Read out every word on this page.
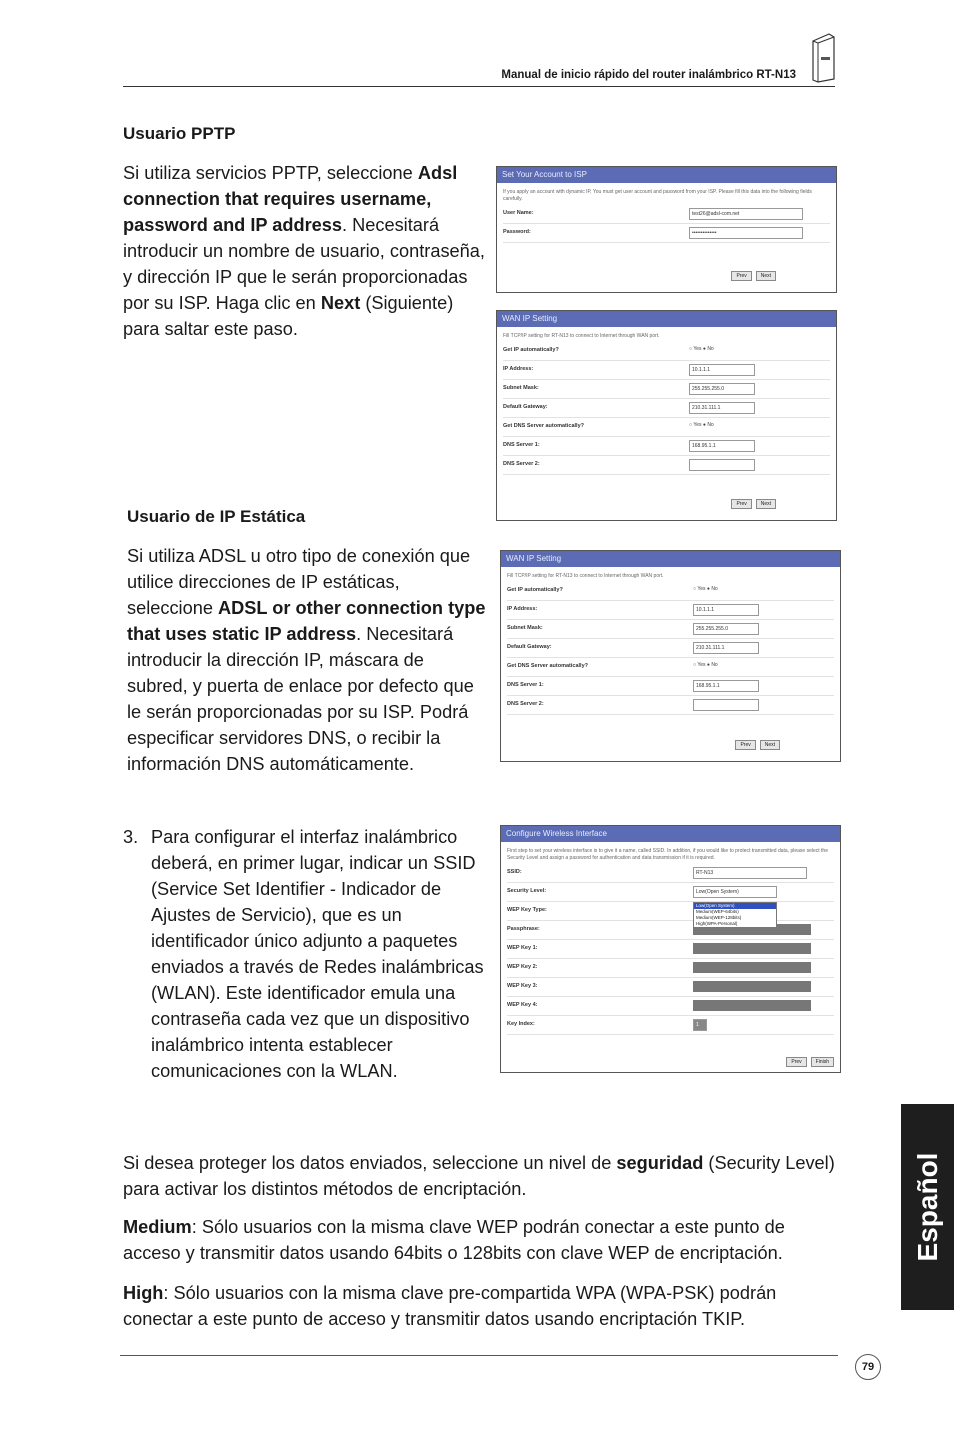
Manual de inicio rápido del router inalámbrico RT-N13
Usuario PPTP
Si utiliza servicios PPTP, seleccione Adsl connection that requires username, password and IP address. Necesitará introducir un nombre de usuario, contraseña, y dirección IP que le serán proporcionadas por su ISP. Haga clic en Next (Siguiente) para saltar este paso.
Set Your Account to ISP
If you apply an account with dynamic IP, You must get user account and password from your ISP. Please fill this data into the following fields carefully.
User Name:	test26@adsl-com.net
Password:	••••••••••••••
Prev	Next
WAN IP Setting
Fill TCP/IP setting for RT-N13 to connect to Internet through WAN port.
Get IP automatically?	○ Yes ● No
IP Address:	10.1.1.1
Subnet Mask:	255.255.255.0
Default Gateway:	210.31.111.1
Get DNS Server automatically?	○ Yes ● No
DNS Server 1:	168.95.1.1
DNS Server 2:
Prev	Next
Usuario de IP Estática
Si utiliza ADSL u otro tipo de conexión que utilice direcciones de IP estáticas, seleccione ADSL or other connection type that uses static IP address. Necesitará introducir la dirección IP, máscara de subred, y puerta de enlace por defecto que le serán proporcionadas por su ISP. Podrá especificar servidores DNS, o recibir la información DNS automáticamente.
WAN IP Setting
Fill TCP/IP setting for RT-N13 to connect to Internet through WAN port.
Get IP automatically?	○ Yes ● No
IP Address:	10.1.1.1
Subnet Mask:	255.255.255.0
Default Gateway:	210.31.111.1
Get DNS Server automatically?	○ Yes ● No
DNS Server 1:	168.95.1.1
DNS Server 2:
Prev	Next
3. Para configurar el interfaz inalámbrico deberá, en primer lugar, indicar un SSID (Service Set Identifier - Indicador de Ajustes de Servicio), que es un identificador único adjunto a paquetes enviados a través de Redes inalámbricas (WLAN). Este identificador emula una contraseña cada vez que un dispositivo inalámbrico intenta establecer comunicaciones con la WLAN.
Configure Wireless Interface
First step to set your wireless interface is to give it a name, called SSID. In addition, if you would like to protect transmitted data, please select the Security Level and assign a password for authentication and data transmission if it is required.
SSID:	RT-N13
Security Level:	Low(Open System)
WEP Key Type:
Low(Open System)
Medium(WEP-64bits)
Medium(WEP-128bits)
High(WPA-Personal)
Passphrase:
WEP Key 1:
WEP Key 2:
WEP Key 3:
WEP Key 4:
Key Index:	1
Prev	Finish
Si desea proteger los datos enviados, seleccione un nivel de seguridad (Security Level) para activar los distintos métodos de encriptación.
Medium: Sólo usuarios con la misma clave WEP podrán conectar a este punto de acceso y transmitir datos usando 64bits o 128bits con clave WEP de encriptación.
High: Sólo usuarios con la misma clave pre-compartida WPA (WPA-PSK) podrán conectar a este punto de acceso y transmitir datos usando encriptación TKIP.
Español
79
